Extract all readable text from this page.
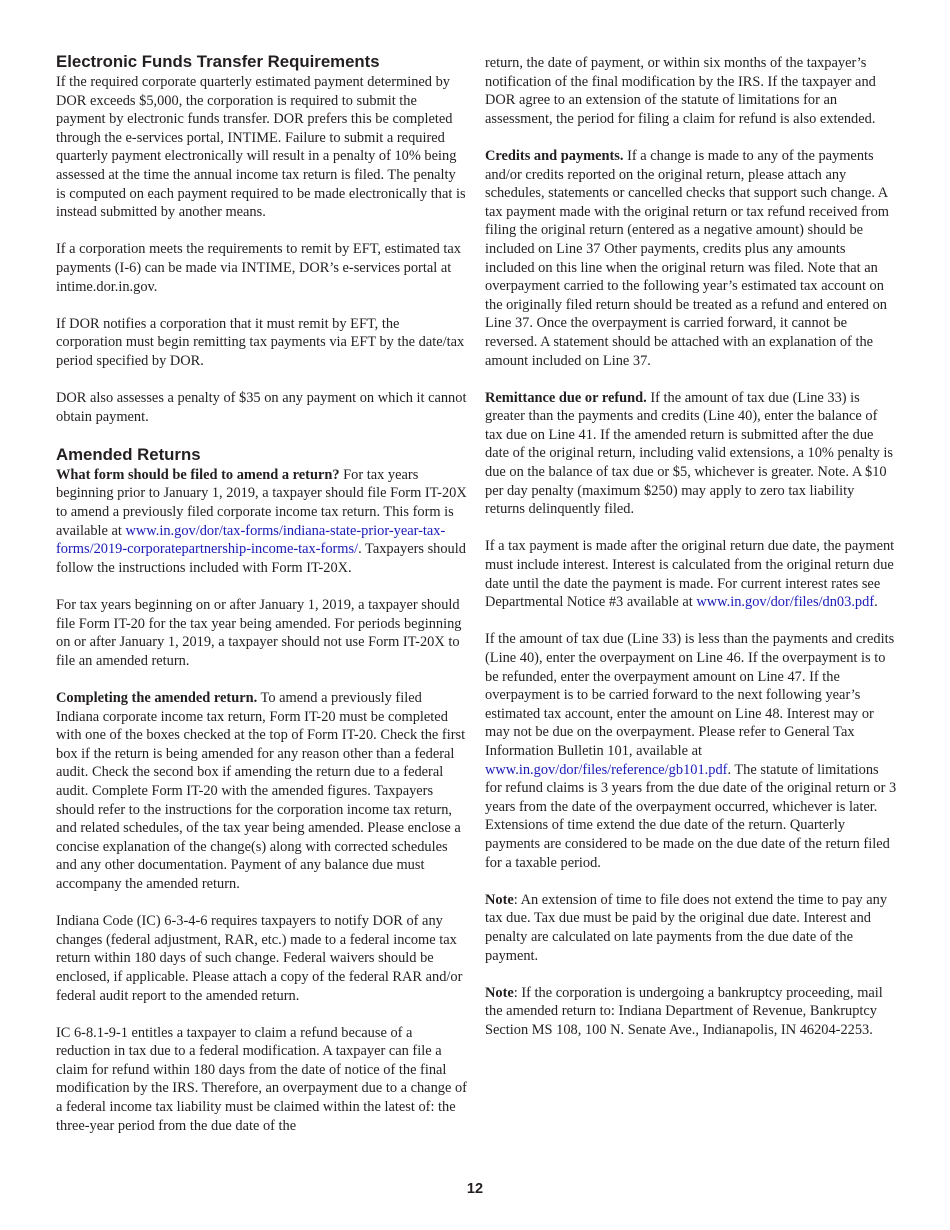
Electronic Funds Transfer Requirements

If the required corporate quarterly estimated payment determined by DOR exceeds $5,000, the corporation is required to submit the payment by electronic funds transfer. DOR prefers this be completed through the e-services portal, INTIME. Failure to submit a required quarterly payment electronically will result in a penalty of 10% being assessed at the time the annual income tax return is filed. The penalty is computed on each payment required to be made electronically that is instead submitted by another means.

If a corporation meets the requirements to remit by EFT, estimated tax payments (I-6) can be made via INTIME, DOR’s e-services portal at intime.dor.in.gov.

If DOR notifies a corporation that it must remit by EFT, the corporation must begin remitting tax payments via EFT by the date/tax period specified by DOR.

DOR also assesses a penalty of $35 on any payment on which it cannot obtain payment.

Amended Returns

What form should be filed to amend a return? For tax years beginning prior to January 1, 2019, a taxpayer should file Form IT-20X to amend a previously filed corporate income tax return. This form is available at www.in.gov/dor/tax-forms/indiana-state-prior-year-tax-forms/2019-corporatepartnership-income-tax-forms/. Taxpayers should follow the instructions included with Form IT-20X.

For tax years beginning on or after January 1, 2019, a taxpayer should file Form IT-20 for the tax year being amended. For periods beginning on or after January 1, 2019, a taxpayer should not use Form IT-20X to file an amended return.

Completing the amended return. To amend a previously filed Indiana corporate income tax return, Form IT-20 must be completed with one of the boxes checked at the top of Form IT-20. Check the first box if the return is being amended for any reason other than a federal audit. Check the second box if amending the return due to a federal audit. Complete Form IT-20 with the amended figures. Taxpayers should refer to the instructions for the corporation income tax return, and related schedules, of the tax year being amended. Please enclose a concise explanation of the change(s) along with corrected schedules and any other documentation. Payment of any balance due must accompany the amended return.

Indiana Code (IC) 6-3-4-6 requires taxpayers to notify DOR of any changes (federal adjustment, RAR, etc.) made to a federal income tax return within 180 days of such change. Federal waivers should be enclosed, if applicable. Please attach a copy of the federal RAR and/or federal audit report to the amended return.

IC 6-8.1-9-1 entitles a taxpayer to claim a refund because of a reduction in tax due to a federal modification. A taxpayer can file a claim for refund within 180 days from the date of notice of the final modification by the IRS. Therefore, an overpayment due to a change of a federal income tax liability must be claimed within the latest of: the three-year period from the due date of the

return, the date of payment, or within six months of the taxpayer’s notification of the final modification by the IRS. If the taxpayer and DOR agree to an extension of the statute of limitations for an assessment, the period for filing a claim for refund is also extended.

Credits and payments. If a change is made to any of the payments and/or credits reported on the original return, please attach any schedules, statements or cancelled checks that support such change. A tax payment made with the original return or tax refund received from filing the original return (entered as a negative amount) should be included on Line 37 Other payments, credits plus any amounts included on this line when the original return was filed. Note that an overpayment carried to the following year’s estimated tax account on the originally filed return should be treated as a refund and entered on Line 37. Once the overpayment is carried forward, it cannot be reversed. A statement should be attached with an explanation of the amount included on Line 37.

Remittance due or refund. If the amount of tax due (Line 33) is greater than the payments and credits (Line 40), enter the balance of tax due on Line 41. If the amended return is submitted after the due date of the original return, including valid extensions, a 10% penalty is due on the balance of tax due or $5, whichever is greater. Note. A $10 per day penalty (maximum $250) may apply to zero tax liability returns delinquently filed.

If a tax payment is made after the original return due date, the payment must include interest. Interest is calculated from the original return due date until the date the payment is made. For current interest rates see Departmental Notice #3 available at www.in.gov/dor/files/dn03.pdf.

If the amount of tax due (Line 33) is less than the payments and credits (Line 40), enter the overpayment on Line 46. If the overpayment is to be refunded, enter the overpayment amount on Line 47. If the overpayment is to be carried forward to the next following year’s estimated tax account, enter the amount on Line 48. Interest may or may not be due on the overpayment. Please refer to General Tax Information Bulletin 101, available at www.in.gov/dor/files/reference/gb101.pdf. The statute of limitations for refund claims is 3 years from the due date of the original return or 3 years from the date of the overpayment occurred, whichever is later. Extensions of time extend the due date of the return. Quarterly payments are considered to be made on the due date of the return filed for a taxable period.

Note: An extension of time to file does not extend the time to pay any tax due. Tax due must be paid by the original due date. Interest and penalty are calculated on late payments from the due date of the payment.

Note: If the corporation is undergoing a bankruptcy proceeding, mail the amended return to: Indiana Department of Revenue, Bankruptcy Section MS 108, 100 N. Senate Ave., Indianapolis, IN 46204-2253.

12
